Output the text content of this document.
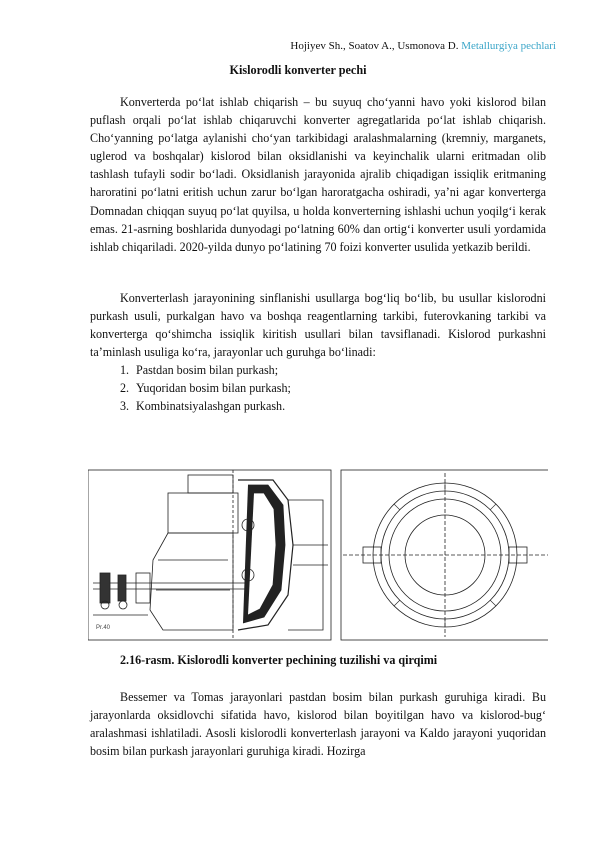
Hojiyev Sh., Soatov A., Usmonova D. Metallurgiya pechlari
Kislorodli konverter pechi

Konverterda po‘lat ishlab chiqarish – bu suyuq cho‘yanni havo yoki kislorod bilan puflash orqali po‘lat ishlab chiqaruvchi konverter agregatlarida po‘lat ishlab chiqarish. Cho‘yanning po‘latga aylanishi cho‘yan tarkibidagi aralashmalarning (kremniy, marganets, uglerod va boshqalar) kislorod bilan oksidlanishi va keyinchalik ularni eritmadan olib tashlash tufayli sodir bo‘ladi. Oksidlanish jarayonida ajralib chiqadigan issiqlik eritmaning haroratini po‘latni eritish uchun zarur bo‘lgan haroratgacha oshiradi, ya’ni agar konverterga Domnadan chiqqan suyuq po‘lat quyilsa, u holda konverterning ishlashi uchun yoqilg‘i kerak emas. 21-asrning boshlarida dunyodagi po‘latning 60% dan ortig‘i konverter usuli yordamida ishlab chiqariladi. 2020-yilda dunyo po‘latining 70 foizi konverter usulida yetkazib berildi.

Konverterlash jarayonining sinflanishi usullarga bog‘liq bo‘lib, bu usullar kislorodni purkash usuli, purkalgan havo va boshqa reagentlarning tarkibi, futerovkaning tarkibi va konverterga qo‘shimcha issiqlik kiritish usullari bilan tavsiflanadi. Kislorod purkashni ta’minlash usuliga ko‘ra, jarayonlar uch guruhga bo‘linadi:

1. Pastdan bosim bilan purkash;
2. Yuqoridan bosim bilan purkash;
3. Kombinatsiyalashgan purkash.
Pr.40
2.16-rasm. Kislorodli konverter pechining tuzilishi va qirqimi

Bessemer va Tomas jarayonlari pastdan bosim bilan purkash guruhiga kiradi. Bu jarayonlarda oksidlovchi sifatida havo, kislorod bilan boyitilgan havo va kislorod-bug‘ aralashmasi ishlatiladi. Asosli kislorodli konverterlash jarayoni va Kaldo jarayoni yuqoridan bosim bilan purkash jarayonlari guruhiga kiradi. Hozirga
